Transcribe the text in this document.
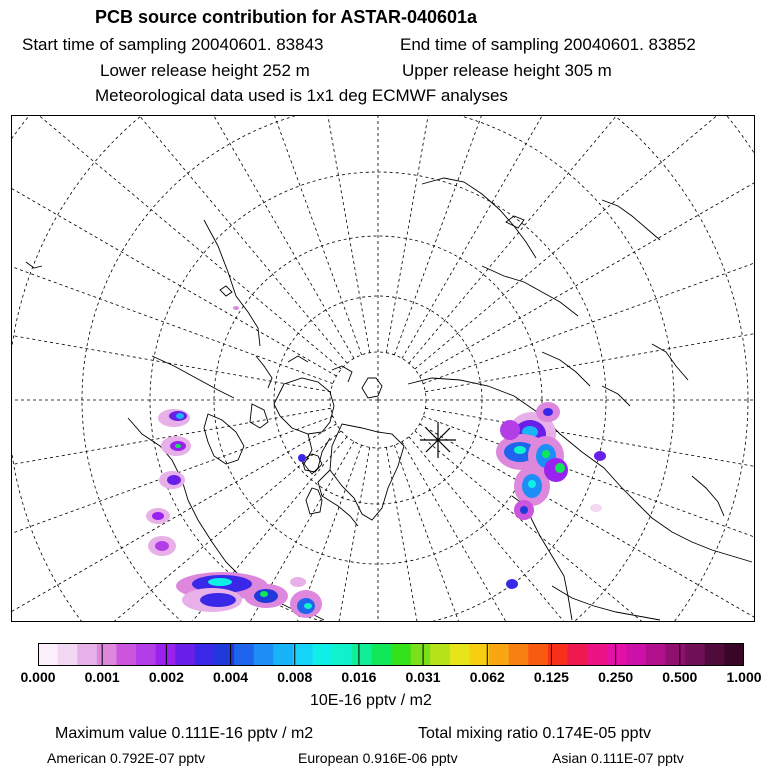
PCB source contribution for ASTAR-040601a
Start time of sampling 20040601. 83843	End time of sampling 20040601. 83852
Lower release height 252 m	Upper release height 305 m
Meteorological data used is 1x1 deg ECMWF analyses
0.000 0.001 0.002 0.004 0.008 0.016 0.031 0.062 0.125 0.250 0.500 1.000
10E-16 pptv / m2
Maximum value 0.111E-16 pptv / m2	Total mixing ratio 0.174E-05 pptv
American 0.792E-07 pptv	European 0.916E-06 pptv	Asian 0.111E-07 pptv
